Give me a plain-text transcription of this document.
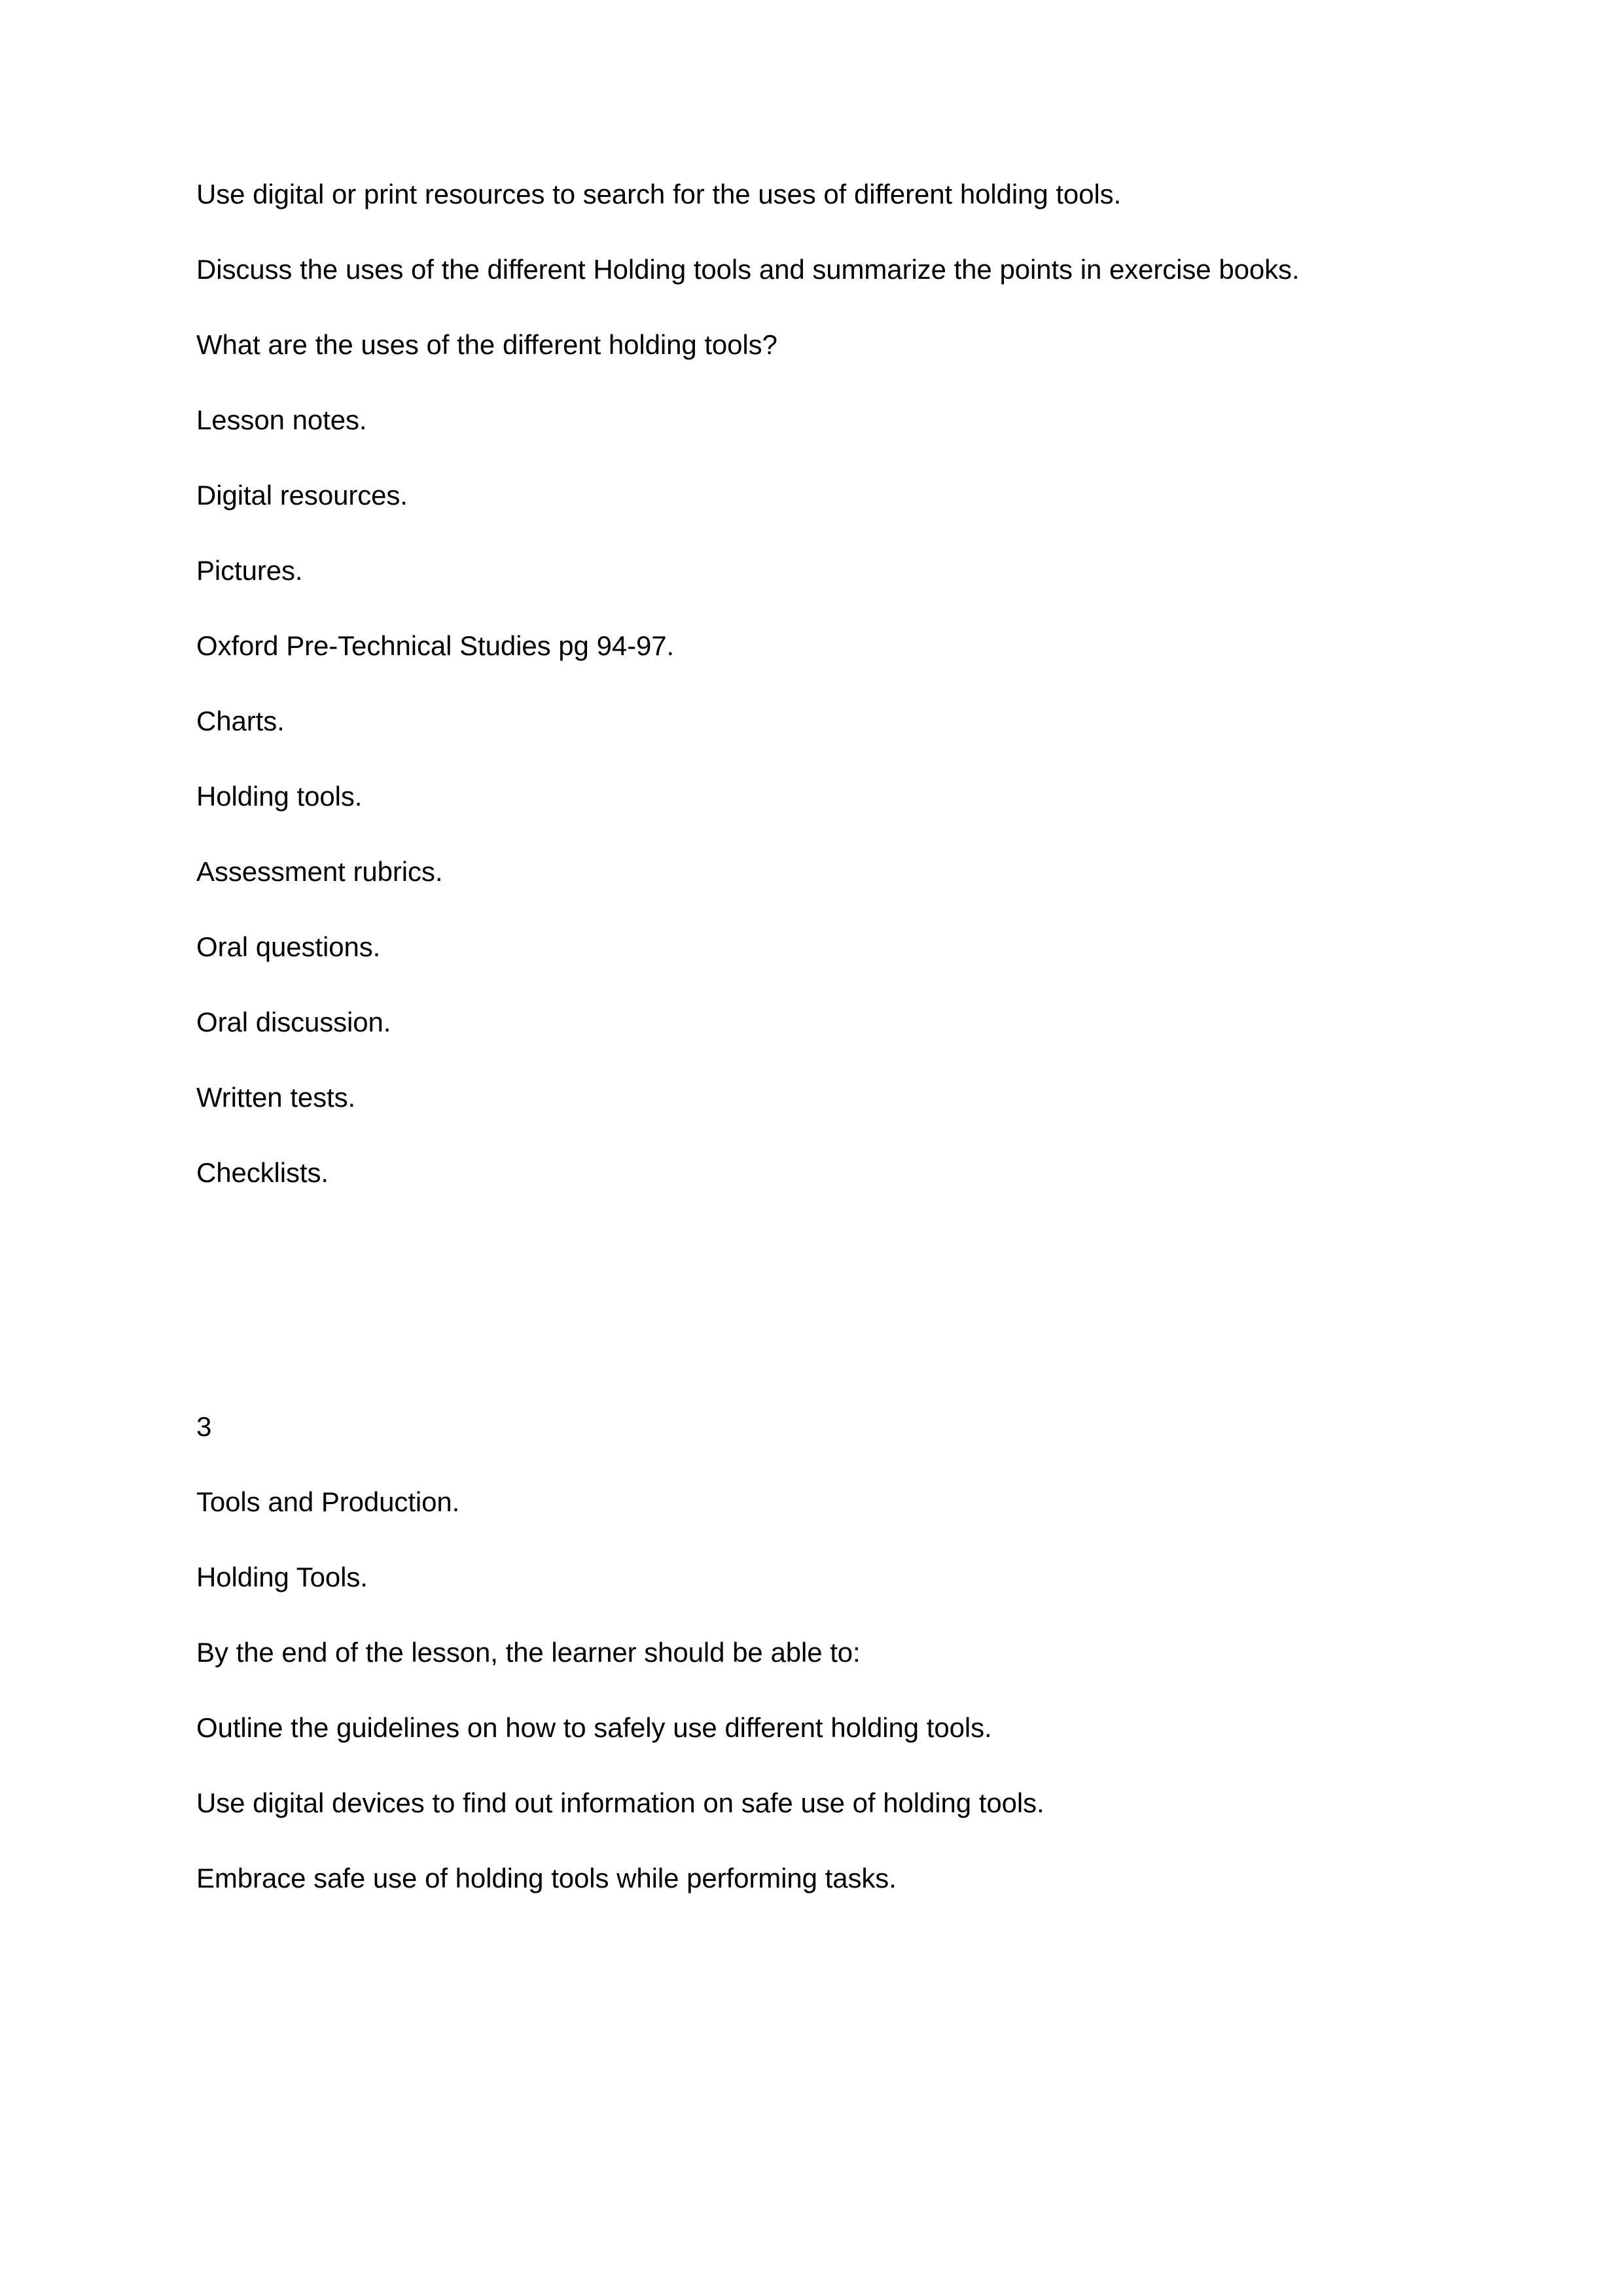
Use digital or print resources to search for the uses of different holding tools.

Discuss the uses of the different Holding tools and summarize the points in exercise books.

What are the uses of the different holding tools?

Lesson notes.

Digital resources.

Pictures.

Oxford Pre-Technical Studies pg 94-97.

Charts.

Holding tools.

Assessment rubrics.

Oral questions.

Oral discussion.

Written tests.

Checklists.

3

Tools and Production.

Holding Tools.

By the end of the lesson, the learner should be able to:

Outline the guidelines on how to safely use different holding tools.

Use digital devices to find out information on safe use of holding tools.

Embrace safe use of holding tools while performing tasks.
